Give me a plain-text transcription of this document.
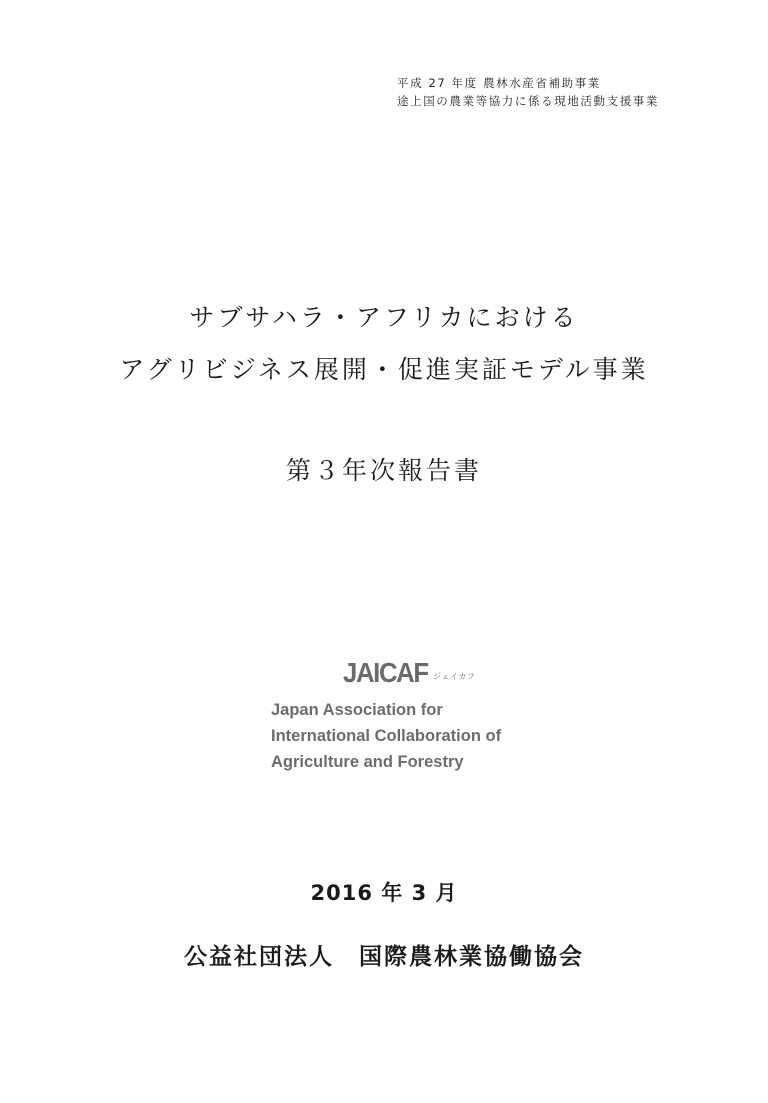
平成 27 年度 農林水産省補助事業
途上国の農業等協力に係る現地活動支援事業
サブサハラ・アフリカにおける
アグリビジネス展開・促進実証モデル事業
第３年次報告書
JAICAF ジェイカフ
Japan Association for
International Collaboration of
Agriculture and Forestry
2016 年 3 月
公益社団法人　国際農林業協働協会
